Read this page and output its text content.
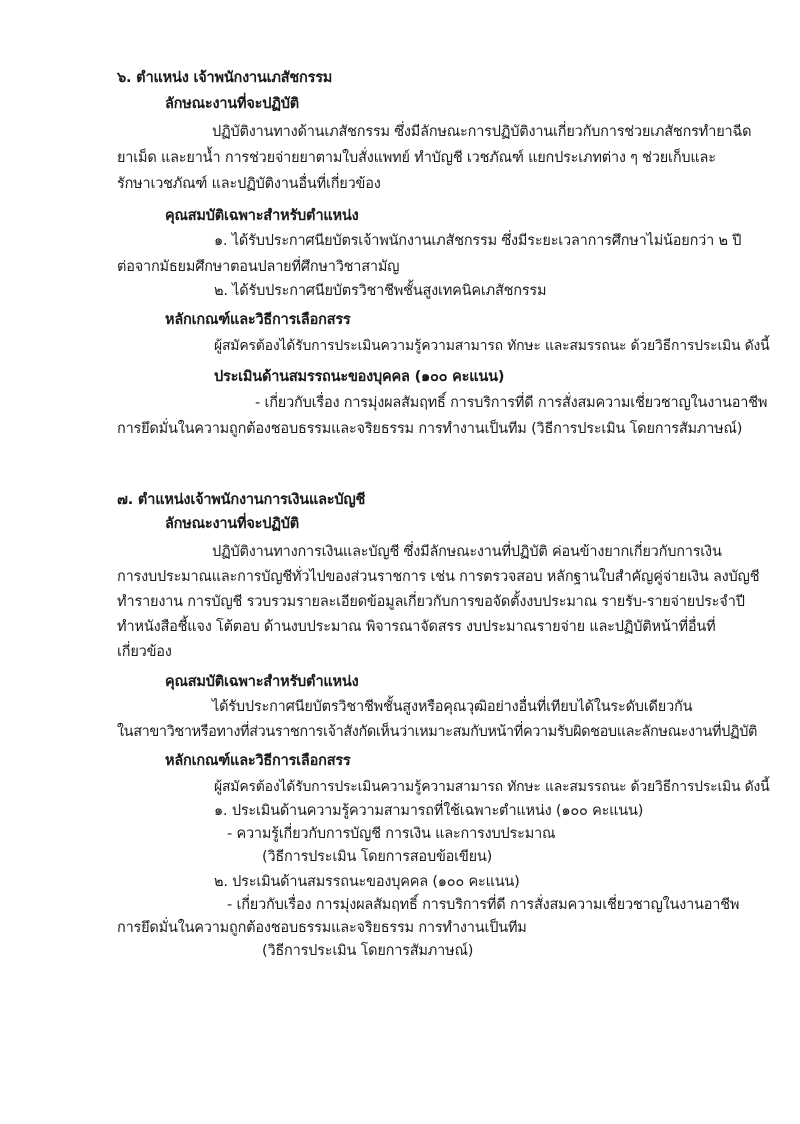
๖. ตำแหน่ง เจ้าพนักงานเภสัชกรรม
ลักษณะงานที่จะปฏิบัติ
ปฏิบัติงานทางด้านเภสัชกรรม ซึ่งมีลักษณะการปฏิบัติงานเกี่ยวกับการช่วยเภสัชกรทำยาฉีด
ยาเม็ด และยาน้ำ การช่วยจ่ายยาตามใบสั่งแพทย์ ทำบัญชี เวชภัณฑ์ แยกประเภทต่าง ๆ ช่วยเก็บและ
รักษาเวชภัณฑ์ และปฏิบัติงานอื่นที่เกี่ยวข้อง
คุณสมบัติเฉพาะสำหรับตำแหน่ง
๑. ได้รับประกาศนียบัตรเจ้าพนักงานเภสัชกรรม ซึ่งมีระยะเวลาการศึกษาไม่น้อยกว่า ๒ ปี
ต่อจากมัธยมศึกษาตอนปลายที่ศึกษาวิชาสามัญ
๒. ได้รับประกาศนียบัตรวิชาชีพชั้นสูงเทคนิคเภสัชกรรม
หลักเกณฑ์และวิธีการเลือกสรร
ผู้สมัครต้องได้รับการประเมินความรู้ความสามารถ ทักษะ และสมรรถนะ ด้วยวิธีการประเมิน ดังนี้
ประเมินด้านสมรรถนะของบุคคล (๑๐๐ คะแนน)
- เกี่ยวกับเรื่อง การมุ่งผลสัมฤทธิ์ การบริการที่ดี การสั่งสมความเชี่ยวชาญในงานอาชีพ
การยึดมั่นในความถูกต้องชอบธรรมและจริยธรรม การทำงานเป็นทีม (วิธีการประเมิน โดยการสัมภาษณ์)
๗. ตำแหน่งเจ้าพนักงานการเงินและบัญชี
ลักษณะงานที่จะปฏิบัติ
ปฏิบัติงานทางการเงินและบัญชี ซึ่งมีลักษณะงานที่ปฏิบัติ ค่อนข้างยากเกี่ยวกับการเงิน
การงบประมาณและการบัญชีทั่วไปของส่วนราชการ เช่น การตรวจสอบ หลักฐานใบสำคัญคู่จ่ายเงิน ลงบัญชี
ทำรายงาน การบัญชี รวบรวมรายละเอียดข้อมูลเกี่ยวกับการขอจัดตั้งงบประมาณ รายรับ-รายจ่ายประจำปี
ทำหนังสือชี้แจง โต้ตอบ ด้านงบประมาณ พิจารณาจัดสรร งบประมาณรายจ่าย และปฏิบัติหน้าที่อื่นที่
เกี่ยวข้อง
คุณสมบัติเฉพาะสำหรับตำแหน่ง
ได้รับประกาศนียบัตรวิชาชีพชั้นสูงหรือคุณวุฒิอย่างอื่นที่เทียบได้ในระดับเดียวกัน
ในสาขาวิชาหรือทางที่ส่วนราชการเจ้าสังกัดเห็นว่าเหมาะสมกับหน้าที่ความรับผิดชอบและลักษณะงานที่ปฏิบัติ
หลักเกณฑ์และวิธีการเลือกสรร
ผู้สมัครต้องได้รับการประเมินความรู้ความสามารถ ทักษะ และสมรรถนะ ด้วยวิธีการประเมิน ดังนี้
๑. ประเมินด้านความรู้ความสามารถที่ใช้เฉพาะตำแหน่ง (๑๐๐ คะแนน)
- ความรู้เกี่ยวกับการบัญชี การเงิน และการงบประมาณ
(วิธีการประเมิน โดยการสอบข้อเขียน)
๒. ประเมินด้านสมรรถนะของบุคคล (๑๐๐ คะแนน)
- เกี่ยวกับเรื่อง การมุ่งผลสัมฤทธิ์ การบริการที่ดี การสั่งสมความเชี่ยวชาญในงานอาชีพ
การยึดมั่นในความถูกต้องชอบธรรมและจริยธรรม การทำงานเป็นทีม
(วิธีการประเมิน โดยการสัมภาษณ์)
